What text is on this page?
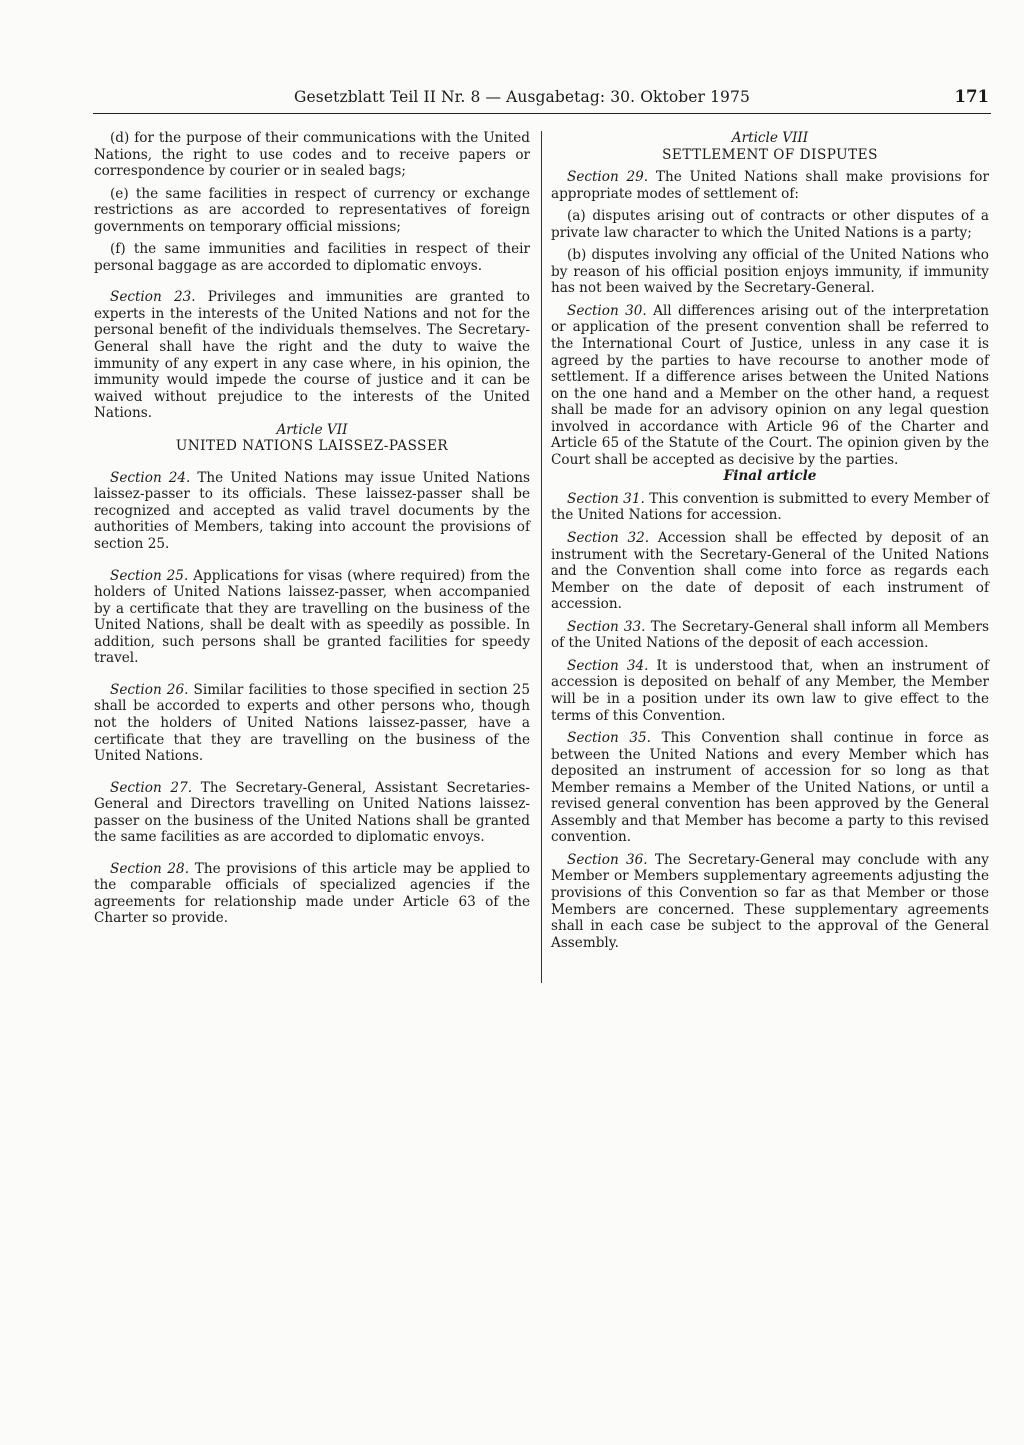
Gesetzblatt Teil II Nr. 8 — Ausgabetag: 30. Oktober 1975	171

(d) for the purpose of their communications with the United Nations, the right to use codes and to receive papers or correspondence by courier or in sealed bags;

(e) the same facilities in respect of currency or exchange restrictions as are accorded to representatives of foreign governments on temporary official missions;

(f) the same immunities and facilities in respect of their personal baggage as are accorded to diplomatic envoys.

Section 23. Privileges and immunities are granted to experts in the interests of the United Nations and not for the personal benefit of the individuals themselves. The Secretary-General shall have the right and the duty to waive the immunity of any expert in any case where, in his opinion, the immunity would impede the course of justice and it can be waived without prejudice to the interests of the United Nations.

Article VII
UNITED NATIONS LAISSEZ-PASSER

Section 24. The United Nations may issue United Nations laissez-passer to its officials. These laissez-passer shall be recognized and accepted as valid travel documents by the authorities of Members, taking into account the provisions of section 25.

Section 25. Applications for visas (where required) from the holders of United Nations laissez-passer, when accompanied by a certificate that they are travelling on the business of the United Nations, shall be dealt with as speedily as possible. In addition, such persons shall be granted facilities for speedy travel.

Section 26. Similar facilities to those specified in section 25 shall be accorded to experts and other persons who, though not the holders of United Nations laissez-passer, have a certificate that they are travelling on the business of the United Nations.

Section 27. The Secretary-General, Assistant Secretaries-General and Directors travelling on United Nations laissez-passer on the business of the United Nations shall be granted the same facilities as are accorded to diplomatic envoys.

Section 28. The provisions of this article may be applied to the comparable officials of specialized agencies if the agreements for relationship made under Article 63 of the Charter so provide.

Article VIII
SETTLEMENT OF DISPUTES

Section 29. The United Nations shall make provisions for appropriate modes of settlement of:

(a) disputes arising out of contracts or other disputes of a private law character to which the United Nations is a party;

(b) disputes involving any official of the United Nations who by reason of his official position enjoys immunity, if immunity has not been waived by the Secretary-General.

Section 30. All differences arising out of the interpretation or application of the present convention shall be referred to the International Court of Justice, unless in any case it is agreed by the parties to have recourse to another mode of settlement. If a difference arises between the United Nations on the one hand and a Member on the other hand, a request shall be made for an advisory opinion on any legal question involved in accordance with Article 96 of the Charter and Article 65 of the Statute of the Court. The opinion given by the Court shall be accepted as decisive by the parties.

Final article

Section 31. This convention is submitted to every Member of the United Nations for accession.

Section 32. Accession shall be effected by deposit of an instrument with the Secretary-General of the United Nations and the Convention shall come into force as regards each Member on the date of deposit of each instrument of accession.

Section 33. The Secretary-General shall inform all Members of the United Nations of the deposit of each accession.

Section 34. It is understood that, when an instrument of accession is deposited on behalf of any Member, the Member will be in a position under its own law to give effect to the terms of this Convention.

Section 35. This Convention shall continue in force as between the United Nations and every Member which has deposited an instrument of accession for so long as that Member remains a Member of the United Nations, or until a revised general convention has been approved by the General Assembly and that Member has become a party to this revised convention.

Section 36. The Secretary-General may conclude with any Member or Members supplementary agreements adjusting the provisions of this Convention so far as that Member or those Members are concerned. These supplementary agreements shall in each case be subject to the approval of the General Assembly.
